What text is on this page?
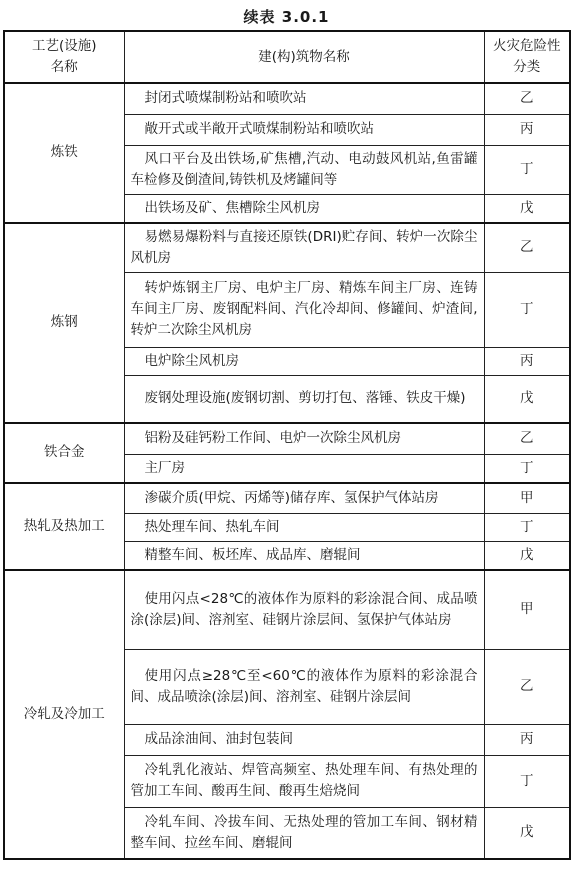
续表 3.0.1
工艺(设施)
名称	建(构)筑物名称	火灾危险性
分类

炼铁	封闭式喷煤制粉站和喷吹站	乙
	敞开式或半敞开式喷煤制粉站和喷吹站	丙
	风口平台及出铁场,矿焦槽,汽动、电动鼓风机站,鱼雷罐车检修及倒渣间,铸铁机及烤罐间等	丁
	出铁场及矿、焦槽除尘风机房	戊
炼钢	易燃易爆粉料与直接还原铁(DRI)贮存间、转炉一次除尘风机房	乙
	转炉炼钢主厂房、电炉主厂房、精炼车间主厂房、连铸车间主厂房、废钢配料间、汽化冷却间、修罐间、炉渣间,转炉二次除尘风机房	丁
	电炉除尘风机房	丙
	废钢处理设施(废钢切割、剪切打包、落锤、铁皮干燥)	戊
铁合金	铝粉及硅钙粉工作间、电炉一次除尘风机房	乙
	主厂房	丁
热轧及热加工	渗碳介质(甲烷、丙烯等)储存库、氢保护气体站房	甲
	热处理车间、热轧车间	丁
	精整车间、板坯库、成品库、磨辊间	戊
冷轧及冷加工	使用闪点<28℃的液体作为原料的彩涂混合间、成品喷涂(涂层)间、溶剂室、硅钢片涂层间、氢保护气体站房	甲
	使用闪点≥28℃至<60℃的液体作为原料的彩涂混合间、成品喷涂(涂层)间、溶剂室、硅钢片涂层间	乙
	成品涂油间、油封包装间	丙
	冷轧乳化液站、焊管高频室、热处理车间、有热处理的管加工车间、酸再生间、酸再生焙烧间	丁
	冷轧车间、冷拔车间、无热处理的管加工车间、钢材精整车间、拉丝车间、磨辊间	戊
